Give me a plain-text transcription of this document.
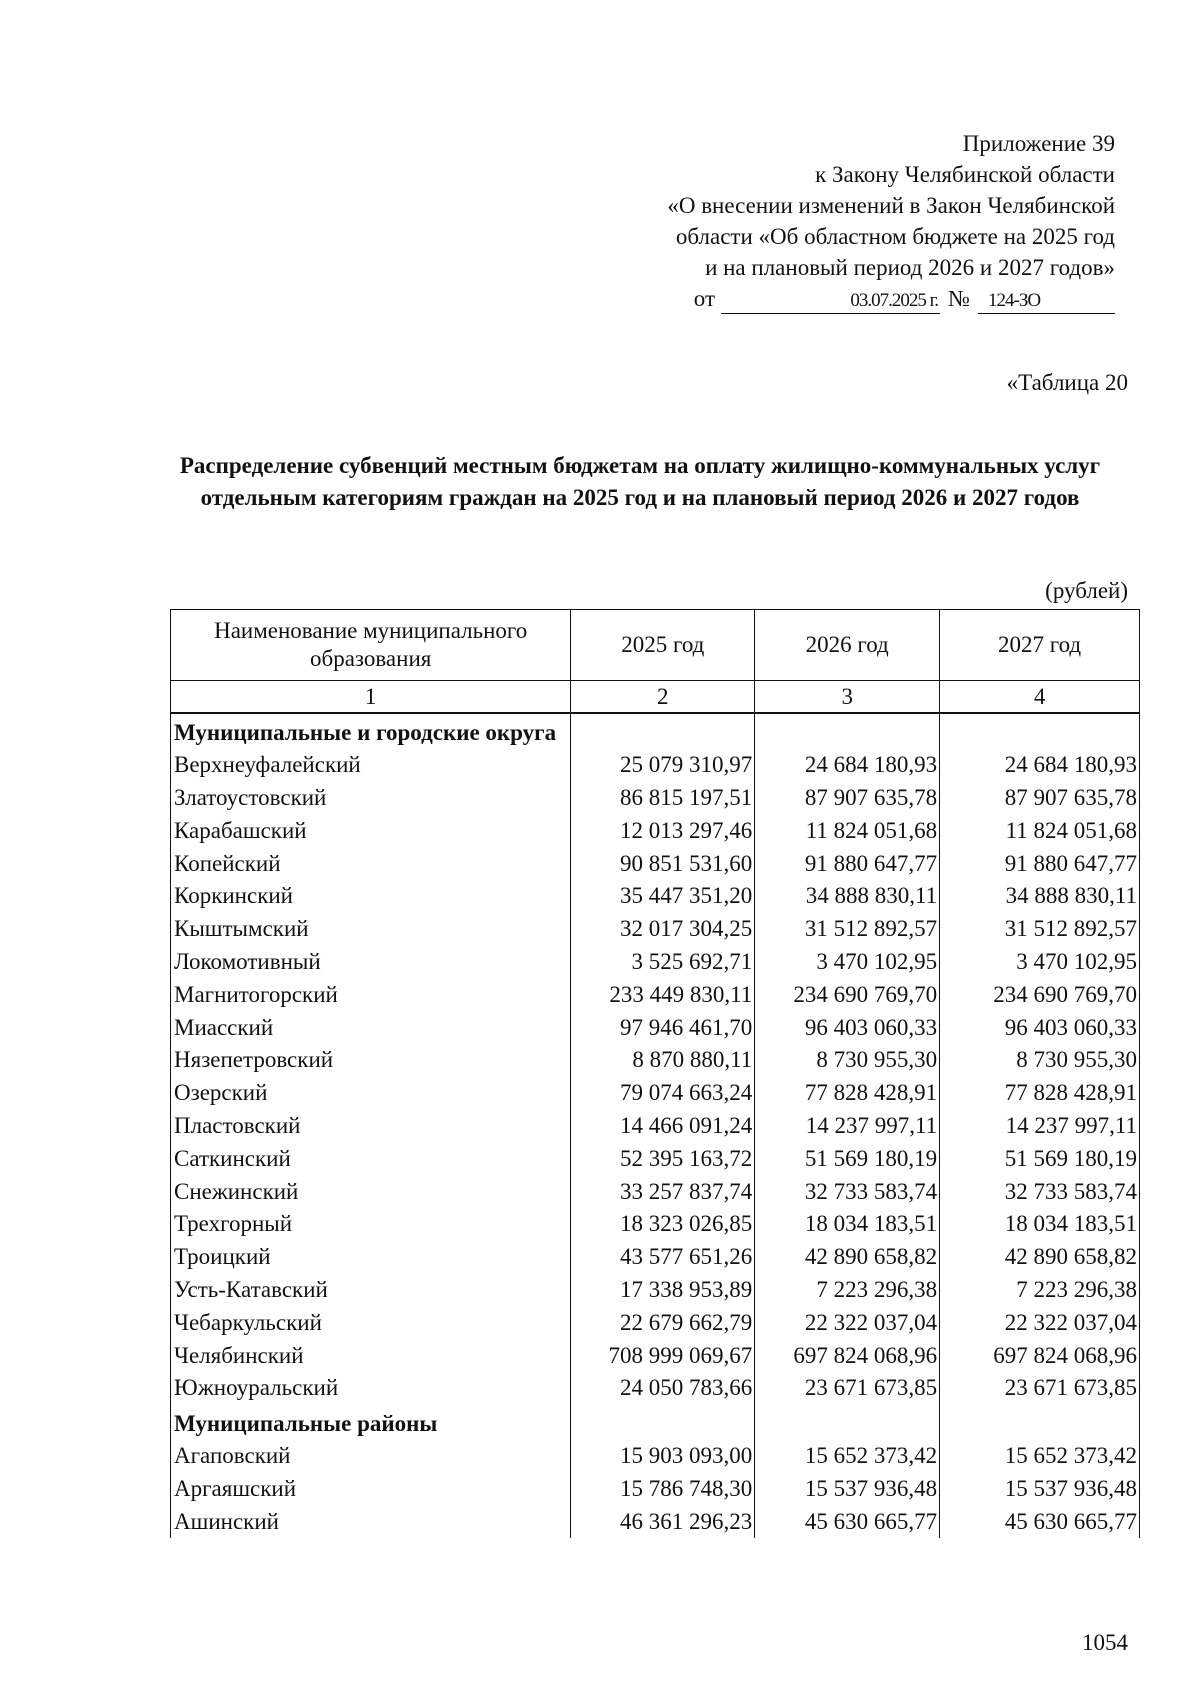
Приложение 39
к Закону Челябинской области
«О внесении изменений в Закон Челябинской
области «Об областном бюджете на 2025 год
и на плановый период 2026 и 2027 годов»
от	03.07.2025 г. № 124-ЗО
«Таблица 20
Распределение субвенций местным бюджетам на оплату жилищно-коммунальных услуг отдельным категориям граждан на 2025 год и на плановый период 2026 и 2027 годов
(рублей)
Наименование муниципального образования	2025 год	2026 год	2027 год
1	2	3	4
Муниципальные и городские округа			
Верхнеуфалейский	25 079 310,97	24 684 180,93	24 684 180,93
Златоустовский	86 815 197,51	87 907 635,78	87 907 635,78
Карабашский	12 013 297,46	11 824 051,68	11 824 051,68
Копейский	90 851 531,60	91 880 647,77	91 880 647,77
Коркинский	35 447 351,20	34 888 830,11	34 888 830,11
Кыштымский	32 017 304,25	31 512 892,57	31 512 892,57
Локомотивный	3 525 692,71	3 470 102,95	3 470 102,95
Магнитогорский	233 449 830,11	234 690 769,70	234 690 769,70
Миасский	97 946 461,70	96 403 060,33	96 403 060,33
Нязепетровский	8 870 880,11	8 730 955,30	8 730 955,30
Озерский	79 074 663,24	77 828 428,91	77 828 428,91
Пластовский	14 466 091,24	14 237 997,11	14 237 997,11
Саткинский	52 395 163,72	51 569 180,19	51 569 180,19
Снежинский	33 257 837,74	32 733 583,74	32 733 583,74
Трехгорный	18 323 026,85	18 034 183,51	18 034 183,51
Троицкий	43 577 651,26	42 890 658,82	42 890 658,82
Усть-Катавский	17 338 953,89	7 223 296,38	7 223 296,38
Чебаркульский	22 679 662,79	22 322 037,04	22 322 037,04
Челябинский	708 999 069,67	697 824 068,96	697 824 068,96
Южноуральский	24 050 783,66	23 671 673,85	23 671 673,85
Муниципальные районы			
Агаповский	15 903 093,00	15 652 373,42	15 652 373,42
Аргаяшский	15 786 748,30	15 537 936,48	15 537 936,48
Ашинский	46 361 296,23	45 630 665,77	45 630 665,77
1054
